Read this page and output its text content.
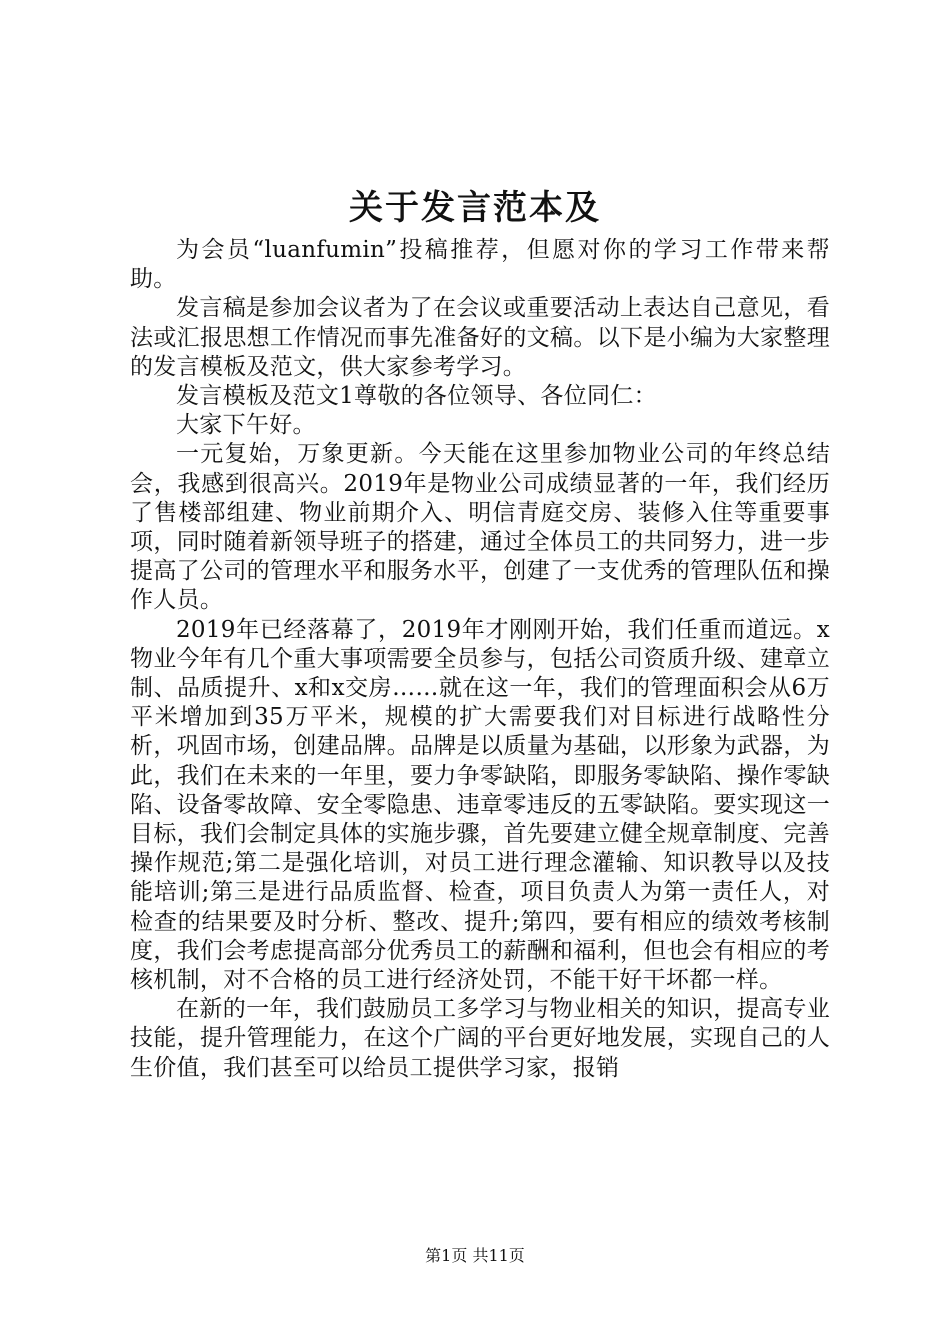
关于发言范本及

为会员“luanfumin”投稿推荐，但愿对你的学习工作带来帮助。

发言稿是参加会议者为了在会议或重要活动上表达自己意见，看法或汇报思想工作情况而事先准备好的文稿。以下是小编为大家整理的发言模板及范文，供大家参考学习。

发言模板及范文1尊敬的各位领导、各位同仁：

大家下午好。

一元复始，万象更新。今天能在这里参加物业公司的年终总结会，我感到很高兴。2019年是物业公司成绩显著的一年，我们经历了售楼部组建、物业前期介入、明信青庭交房、装修入住等重要事项，同时随着新领导班子的搭建，通过全体员工的共同努力，进一步提高了公司的管理水平和服务水平，创建了一支优秀的管理队伍和操作人员。

2019年已经落幕了，2019年才刚刚开始，我们任重而道远。x物业今年有几个重大事项需要全员参与，包括公司资质升级、建章立制、品质提升、x和x交房……就在这一年，我们的管理面积会从6万平米增加到35万平米，规模的扩大需要我们对目标进行战略性分析，巩固市场，创建品牌。品牌是以质量为基础，以形象为武器，为此，我们在未来的一年里，要力争零缺陷，即服务零缺陷、操作零缺陷、设备零故障、安全零隐患、违章零违反的五零缺陷。要实现这一目标，我们会制定具体的实施步骤，首先要建立健全规章制度、完善操作规范;第二是强化培训，对员工进行理念灌输、知识教导以及技能培训;第三是进行品质监督、检查，项目负责人为第一责任人，对检查的结果要及时分析、整改、提升;第四，要有相应的绩效考核制度，我们会考虑提高部分优秀员工的薪酬和福利，但也会有相应的考核机制，对不合格的员工进行经济处罚，不能干好干坏都一样。

在新的一年，我们鼓励员工多学习与物业相关的知识，提高专业技能，提升管理能力，在这个广阔的平台更好地发展，实现自己的人生价值，我们甚至可以给员工提供学习家，报销

第1页 共11页
